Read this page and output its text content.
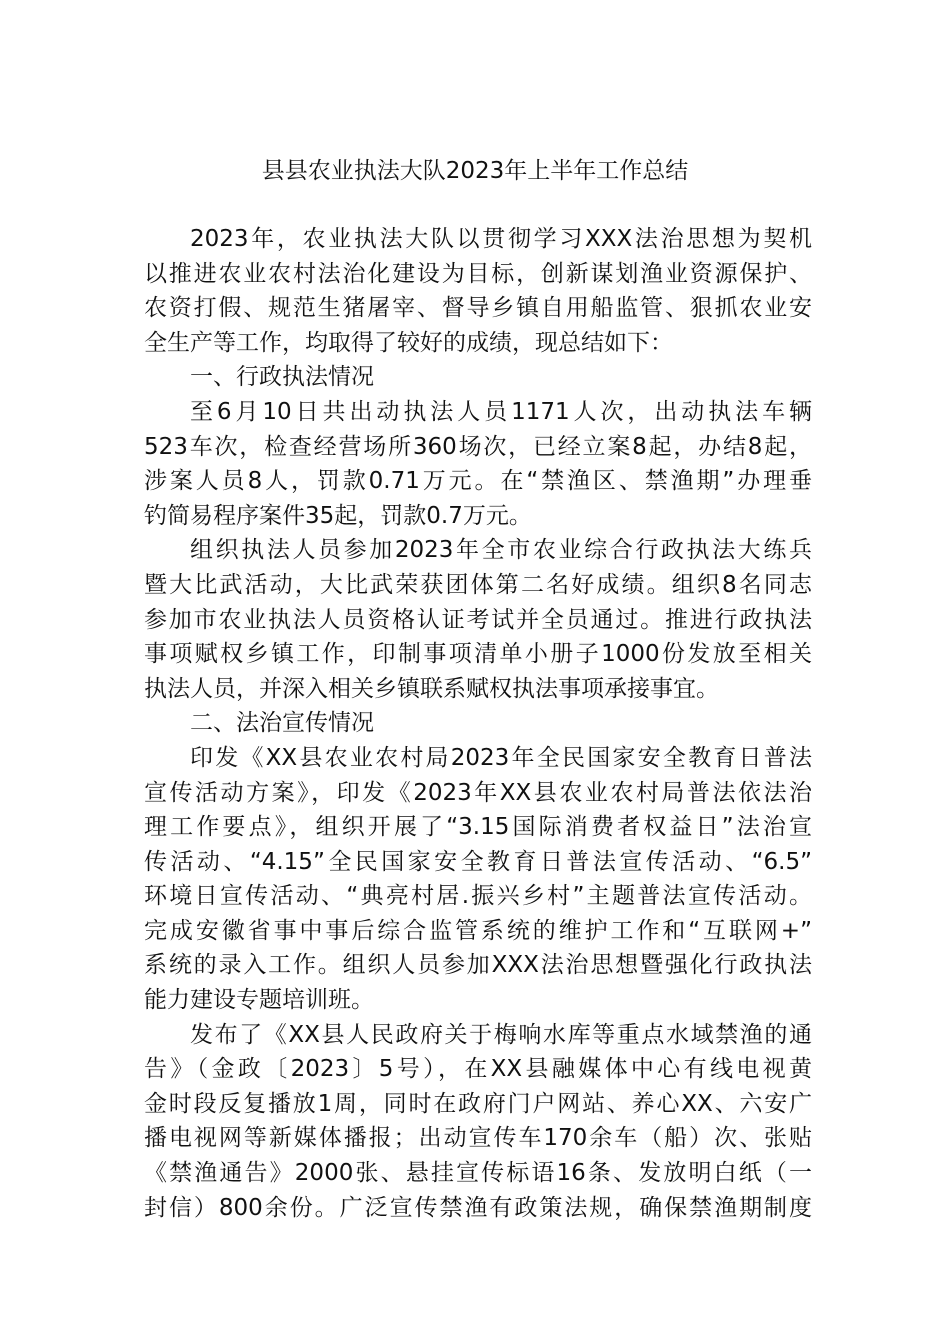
县县农业执法大队2023年上半年工作总结
2023年，农业执法大队以贯彻学习XXX法治思想为契机
以推进农业农村法治化建设为目标，创新谋划渔业资源保护、
农资打假、规范生猪屠宰、督导乡镇自用船监管、狠抓农业安
全生产等工作，均取得了较好的成绩，现总结如下：
一、行政执法情况
至6月10日共出动执法人员1171人次，出动执法车辆
523车次，检查经营场所360场次，已经立案8起，办结8起，
涉案人员8人，罚款0.71万元。在“禁渔区、禁渔期”办理垂
钓简易程序案件35起，罚款0.7万元。
组织执法人员参加2023年全市农业综合行政执法大练兵
暨大比武活动，大比武荣获团体第二名好成绩。组织8名同志
参加市农业执法人员资格认证考试并全员通过。推进行政执法
事项赋权乡镇工作，印制事项清单小册子1000份发放至相关
执法人员，并深入相关乡镇联系赋权执法事项承接事宜。
二、法治宣传情况
印发《XX县农业农村局2023年全民国家安全教育日普法
宣传活动方案》，印发《2023年XX县农业农村局普法依法治
理工作要点》，组织开展了“3.15国际消费者权益日”法治宣
传活动、“4.15”全民国家安全教育日普法宣传活动、“6.5”
环境日宣传活动、“典亮村居.振兴乡村”主题普法宣传活动。
完成安徽省事中事后综合监管系统的维护工作和“互联网+”
系统的录入工作。组织人员参加XXX法治思想暨强化行政执法
能力建设专题培训班。
发布了《XX县人民政府关于梅响水库等重点水域禁渔的通
告》（金政〔2023〕5号），在XX县融媒体中心有线电视黄
金时段反复播放1周，同时在政府门户网站、养心XX、六安广
播电视网等新媒体播报；出动宣传车170余车（船）次、张贴
《禁渔通告》2000张、悬挂宣传标语16条、发放明白纸（一
封信）800余份。广泛宣传禁渔有政策法规，确保禁渔期制度
